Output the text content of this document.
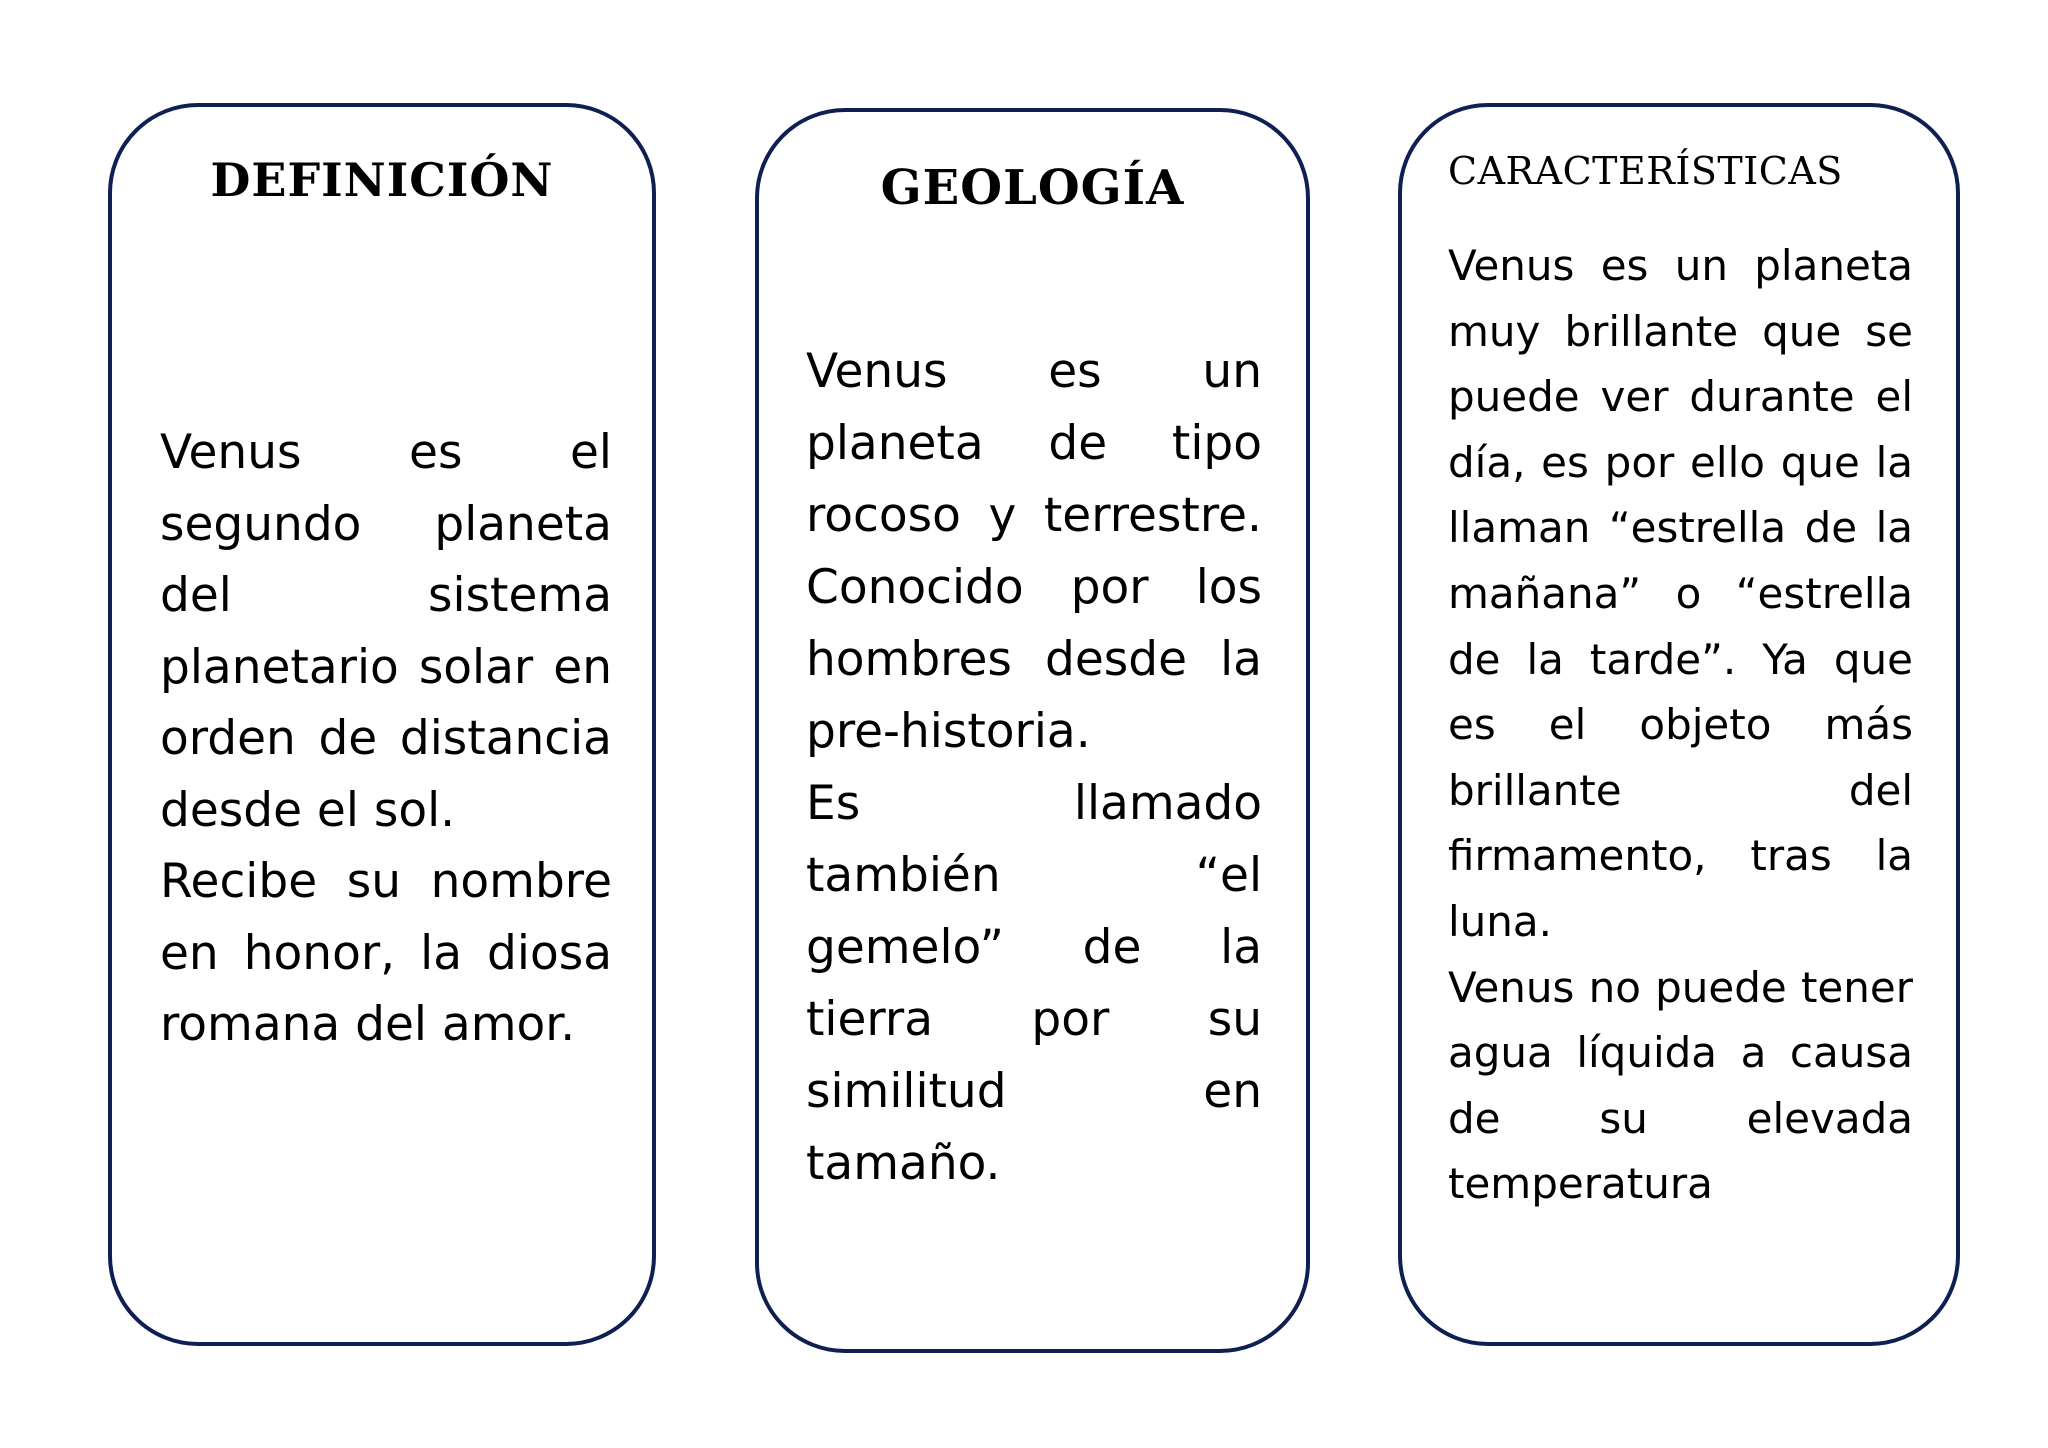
DEFINICIÓN

Venus es el segundo planeta del sistema planetario solar en orden de distancia desde el sol.

Recibe su nombre en honor, la diosa romana del amor.

GEOLOGÍA

Venus es un planeta de tipo rocoso y terrestre. Conocido por los hombres desde la pre-historia.

Es llamado también “el gemelo” de la tierra por su similitud en tamaño.

CARACTERÍSTICAS

Venus es un planeta muy brillante que se puede ver durante el día, es por ello que la llaman “estrella de la mañana” o “estrella de la tarde”. Ya que es el objeto más brillante del firmamento, tras la luna.

Venus no puede tener agua líquida a causa de su elevada temperatura
